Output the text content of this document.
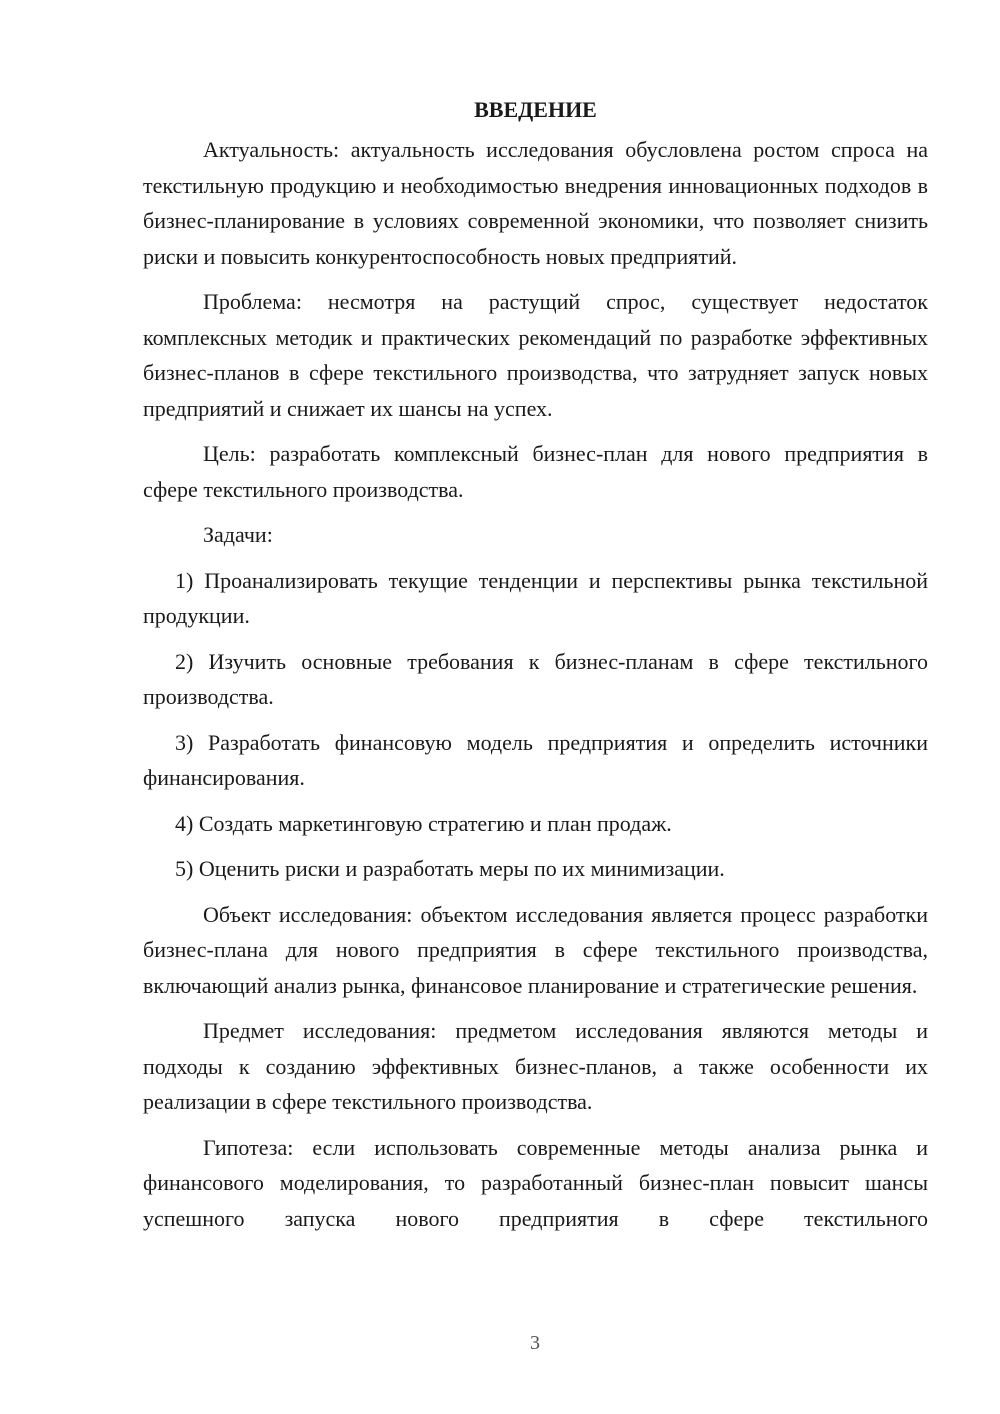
ВВЕДЕНИЕ

Актуальность: актуальность исследования обусловлена ростом спроса на текстильную продукцию и необходимостью внедрения инновационных подходов в бизнес-планирование в условиях современной экономики, что позволяет снизить риски и повысить конкурентоспособность новых предприятий.

Проблема: несмотря на растущий спрос, существует недостаток комплексных методик и практических рекомендаций по разработке эффективных бизнес-планов в сфере текстильного производства, что затрудняет запуск новых предприятий и снижает их шансы на успех.

Цель: разработать комплексный бизнес-план для нового предприятия в сфере текстильного производства.

Задачи:

1) Проанализировать текущие тенденции и перспективы рынка текстильной продукции.

2) Изучить основные требования к бизнес-планам в сфере текстильного производства.

3) Разработать финансовую модель предприятия и определить источники финансирования.

4) Создать маркетинговую стратегию и план продаж.

5) Оценить риски и разработать меры по их минимизации.

Объект исследования: объектом исследования является процесс разработки бизнес-плана для нового предприятия в сфере текстильного производства, включающий анализ рынка, финансовое планирование и стратегические решения.

Предмет исследования: предметом исследования являются методы и подходы к созданию эффективных бизнес-планов, а также особенности их реализации в сфере текстильного производства.

Гипотеза: если использовать современные методы анализа рынка и финансового моделирования, то разработанный бизнес-план повысит шансы успешного запуска нового предприятия в сфере текстильного

3
